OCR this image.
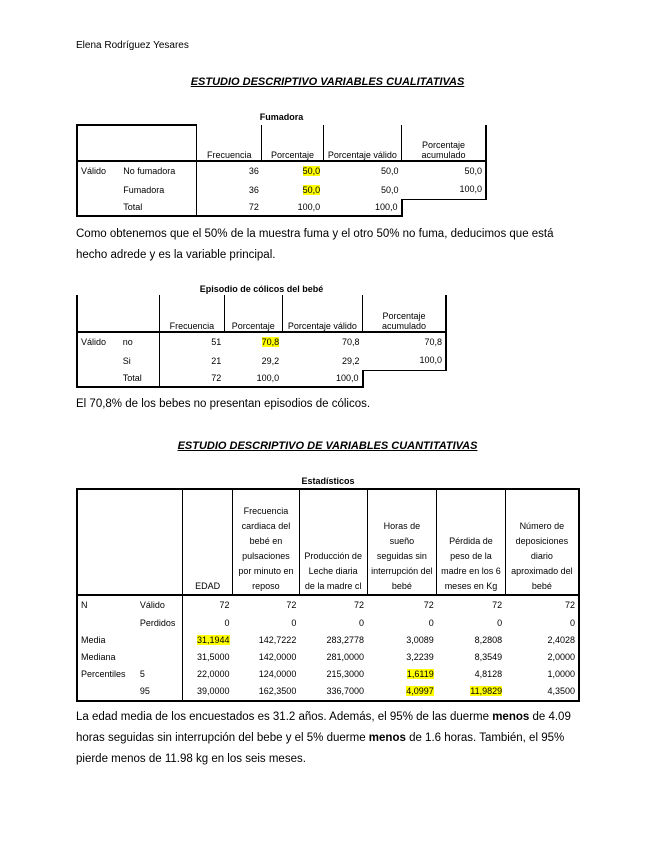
Elena Rodríguez Yesares
ESTUDIO DESCRIPTIVO VARIABLES CUALITATIVAS
Fumadora
		Frecuencia	Porcentaje	Porcentaje válido	Porcentaje acumulado
Válido	No fumadora	36	50,0	50,0	50,0
	Fumadora	36	50,0	50,0	100,0
	Total	72	100,0	100,0	
Como obtenemos que el 50% de la muestra fuma y el otro 50% no fuma, deducimos que está hecho adrede y es la variable principal.
Episodio de cólicos del bebé
		Frecuencia	Porcentaje	Porcentaje válido	Porcentaje acumulado
Válido	no	51	70,8	70,8	70,8
	Si	21	29,2	29,2	100,0
	Total	72	100,0	100,0	
El 70,8% de los bebes no presentan episodios de cólicos.
ESTUDIO DESCRIPTIVO DE VARIABLES CUANTITATIVAS
Estadísticos
		EDAD	Frecuencia cardiaca del bebé en pulsaciones por minuto en reposo	Producción de Leche diaria de la madre cl	Horas de sueño seguidas sin interrupción del bebé	Pérdida de peso de la madre en los 6 meses en Kg	Número de deposiciones diario aproximado del bebé
N	Válido	72	72	72	72	72	72
	Perdidos	0	0	0	0	0	0
Media		31,1944	142,7222	283,2778	3,0089	8,2808	2,4028
Mediana		31,5000	142,0000	281,0000	3,2239	8,3549	2,0000
Percentiles	5	22,0000	124,0000	215,3000	1,6119	4,8128	1,0000
	95	39,0000	162,3500	336,7000	4,0997	11,9829	4,3500
La edad media de los encuestados es 31.2 años. Además, el 95% de las duerme menos de 4.09 horas seguidas sin interrupción del bebe y el 5% duerme menos de 1.6 horas. También, el 95% pierde menos de 11.98 kg en los seis meses.
